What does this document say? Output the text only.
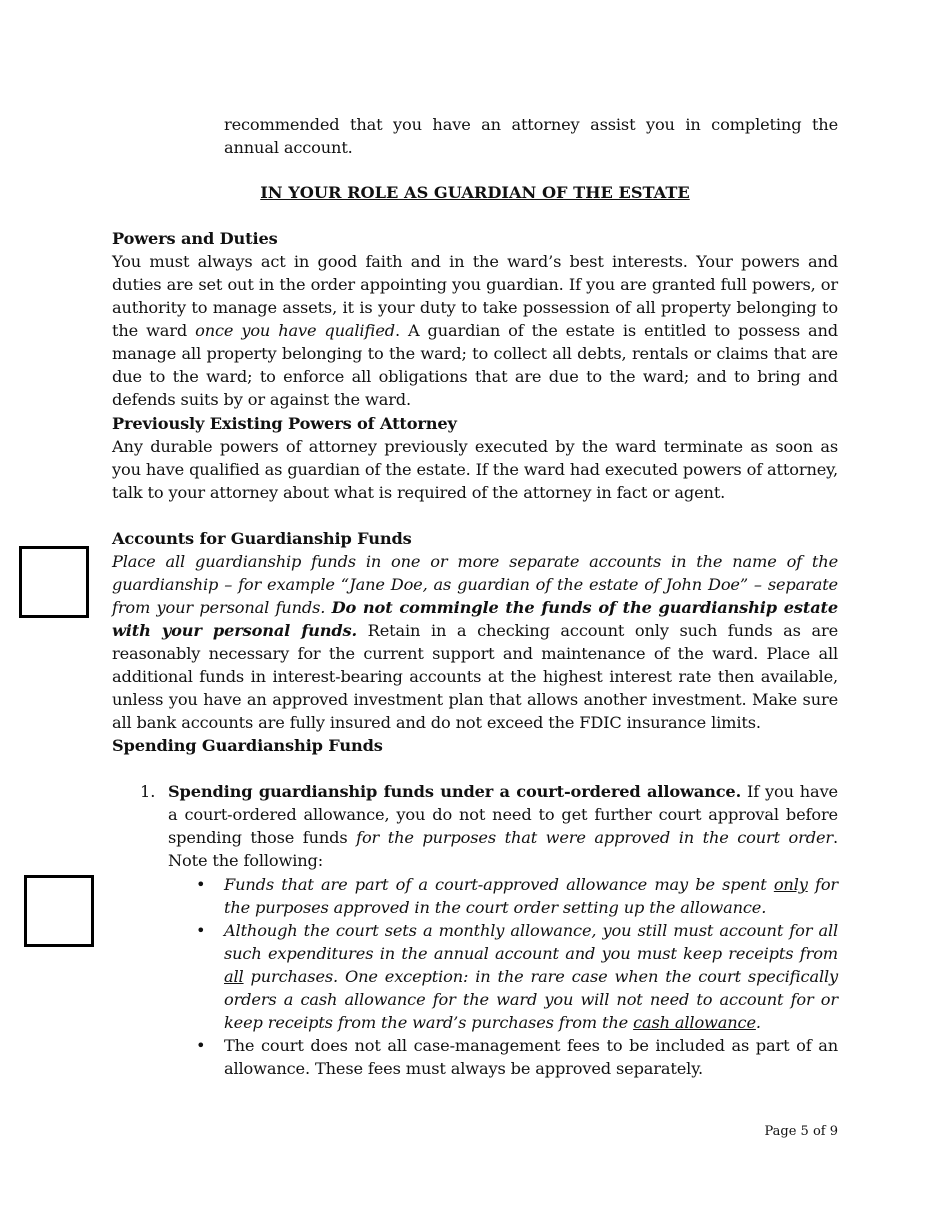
recommended that you have an attorney assist you in completing the annual account.

IN YOUR ROLE AS GUARDIAN OF THE ESTATE
Powers and Duties

You must always act in good faith and in the ward’s best interests. Your powers and duties are set out in the order appointing you guardian. If you are granted full powers, or authority to manage assets, it is your duty to take possession of all property belonging to the ward once you have qualified. A guardian of the estate is entitled to possess and manage all property belonging to the ward; to collect all debts, rentals or claims that are due to the ward; to enforce all obligations that are due to the ward; and to bring and defends suits by or against the ward.

Previously Existing Powers of Attorney

Any durable powers of attorney previously executed by the ward terminate as soon as you have qualified as guardian of the estate. If the ward had executed powers of attorney, talk to your attorney about what is required of the attorney in fact or agent.

Accounts for Guardianship Funds

Place all guardianship funds in one or more separate accounts in the name of the guardianship – for example “Jane Doe, as guardian of the estate of John Doe” – separate from your personal funds. Do not commingle the funds of the guardianship estate with your personal funds. Retain in a checking account only such funds as are reasonably necessary for the current support and maintenance of the ward. Place all additional funds in interest-bearing accounts at the highest interest rate then available, unless you have an approved investment plan that allows another investment. Make sure all bank accounts are fully insured and do not exceed the FDIC insurance limits.

Spending Guardianship Funds
1. Spending guardianship funds under a court-ordered allowance. If you have a court-ordered allowance, you do not need to get further court approval before spending those funds for the purposes that were approved in the court order. Note the following:

• Funds that are part of a court-approved allowance may be spent only for the purposes approved in the court order setting up the allowance.

• Although the court sets a monthly allowance, you still must account for all such expenditures in the annual account and you must keep receipts from all purchases. One exception: in the rare case when the court specifically orders a cash allowance for the ward you will not need to account for or keep receipts from the ward’s purchases from the cash allowance.

• The court does not all case-management fees to be included as part of an allowance. These fees must always be approved separately.

Page 5 of 9
